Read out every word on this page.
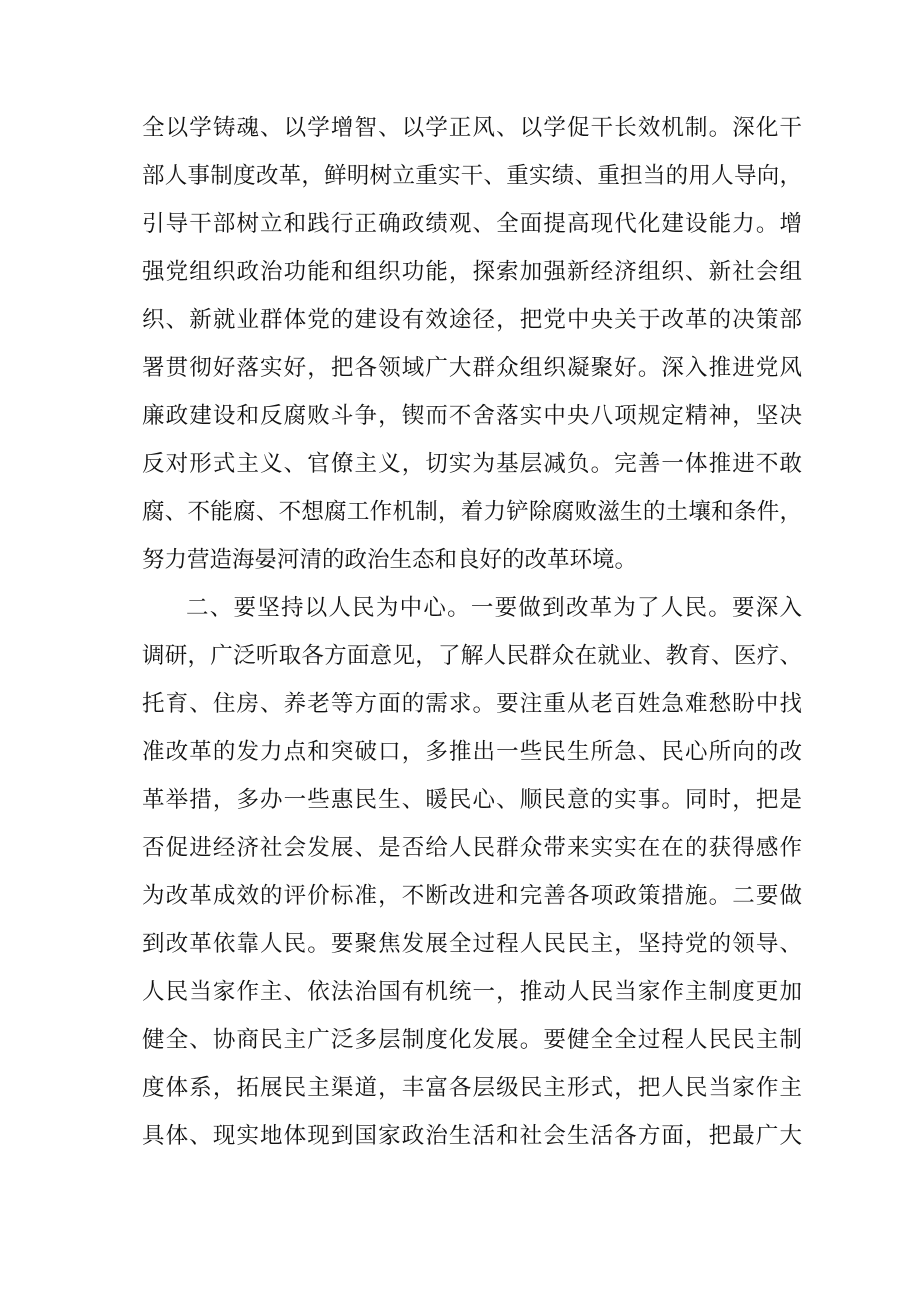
全以学铸魂、以学增智、以学正风、以学促干长效机制。深化干
部人事制度改革，鲜明树立重实干、重实绩、重担当的用人导向，
引导干部树立和践行正确政绩观、全面提高现代化建设能力。增
强党组织政治功能和组织功能，探索加强新经济组织、新社会组
织、新就业群体党的建设有效途径，把党中央关于改革的决策部
署贯彻好落实好，把各领域广大群众组织凝聚好。深入推进党风
廉政建设和反腐败斗争，锲而不舍落实中央八项规定精神，坚决
反对形式主义、官僚主义，切实为基层减负。完善一体推进不敢
腐、不能腐、不想腐工作机制，着力铲除腐败滋生的土壤和条件，
努力营造海晏河清的政治生态和良好的改革环境。
二、要坚持以人民为中心。一要做到改革为了人民。要深入
调研，广泛听取各方面意见，了解人民群众在就业、教育、医疗、
托育、住房、养老等方面的需求。要注重从老百姓急难愁盼中找
准改革的发力点和突破口，多推出一些民生所急、民心所向的改
革举措，多办一些惠民生、暖民心、顺民意的实事。同时，把是
否促进经济社会发展、是否给人民群众带来实实在在的获得感作
为改革成效的评价标准，不断改进和完善各项政策措施。二要做
到改革依靠人民。要聚焦发展全过程人民民主，坚持党的领导、
人民当家作主、依法治国有机统一，推动人民当家作主制度更加
健全、协商民主广泛多层制度化发展。要健全全过程人民民主制
度体系，拓展民主渠道，丰富各层级民主形式，把人民当家作主
具体、现实地体现到国家政治生活和社会生活各方面，把最广大
